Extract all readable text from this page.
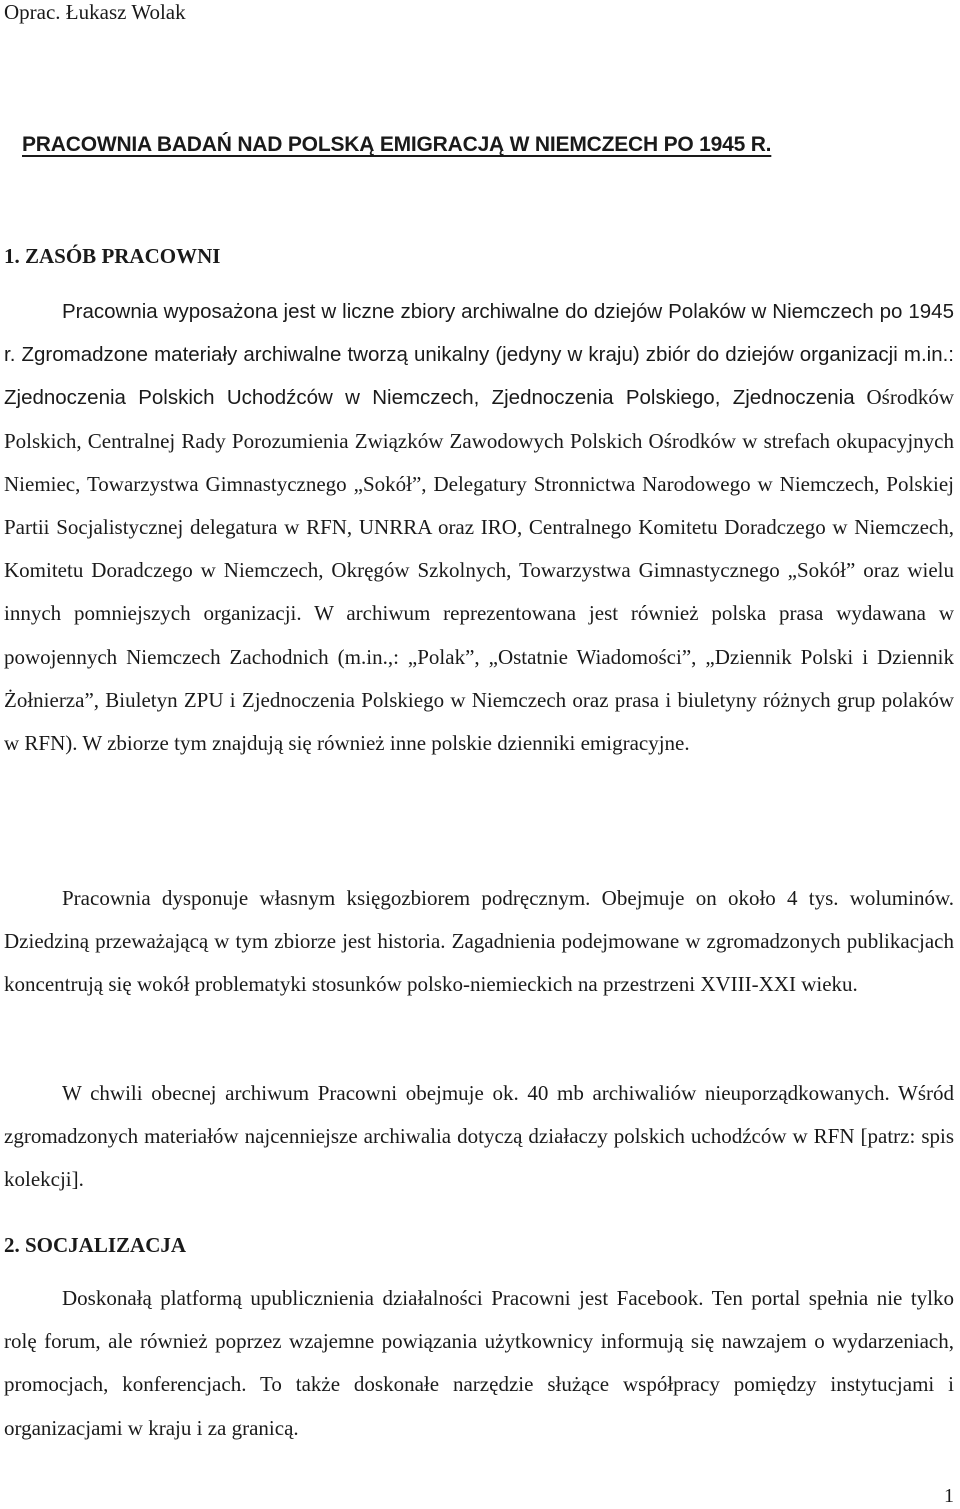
Oprac. Łukasz Wolak
PRACOWNIA BADAŃ NAD POLSKĄ EMIGRACJĄ W NIEMCZECH PO 1945 R.
1. ZASÓB PRACOWNI

Pracownia wyposażona jest w liczne zbiory archiwalne do dziejów Polaków w Niemczech po 1945 r. Zgromadzone materiały archiwalne tworzą unikalny (jedyny w kraju) zbiór do dziejów organizacji m.in.: Zjednoczenia Polskich Uchodźców w Niemczech, Zjednoczenia Polskiego, Zjednoczenia Ośrodków Polskich, Centralnej Rady Porozumienia Związków Zawodowych Polskich Ośrodków w strefach okupacyjnych Niemiec, Towarzystwa Gimnastycznego „Sokół”, Delegatury Stronnictwa Narodowego w Niemczech, Polskiej Partii Socjalistycznej delegatura w RFN, UNRRA oraz IRO, Centralnego Komitetu Doradczego w Niemczech, Komitetu Doradczego w Niemczech, Okręgów Szkolnych, Towarzystwa Gimnastycznego „Sokół” oraz wielu innych pomniejszych organizacji. W archiwum reprezentowana jest również polska prasa wydawana w powojennych Niemczech Zachodnich (m.in.,: „Polak”, „Ostatnie Wiadomości”, „Dziennik Polski i Dziennik Żołnierza”, Biuletyn ZPU i Zjednoczenia Polskiego w Niemczech oraz prasa i biuletyny różnych grup polaków w RFN). W zbiorze tym znajdują się również inne polskie dzienniki emigracyjne.

Pracownia dysponuje własnym księgozbiorem podręcznym. Obejmuje on około 4 tys. woluminów. Dziedziną przeważającą w tym zbiorze jest historia. Zagadnienia podejmowane w zgromadzonych publikacjach koncentrują się wokół problematyki stosunków polsko-niemieckich na przestrzeni XVIII-XXI wieku.

W chwili obecnej archiwum Pracowni obejmuje ok. 40 mb archiwaliów nieuporządkowanych. Wśród zgromadzonych materiałów najcenniejsze archiwalia dotyczą działaczy polskich uchodźców w RFN [patrz: spis kolekcji].

2. SOCJALIZACJA

Doskonałą platformą upublicznienia działalności Pracowni jest Facebook. Ten portal spełnia nie tylko rolę forum, ale również poprzez wzajemne powiązania użytkownicy informują się nawzajem o wydarzeniach, promocjach, konferencjach. To także doskonałe narzędzie służące współpracy pomiędzy instytucjami i organizacjami w kraju i za granicą.

1
